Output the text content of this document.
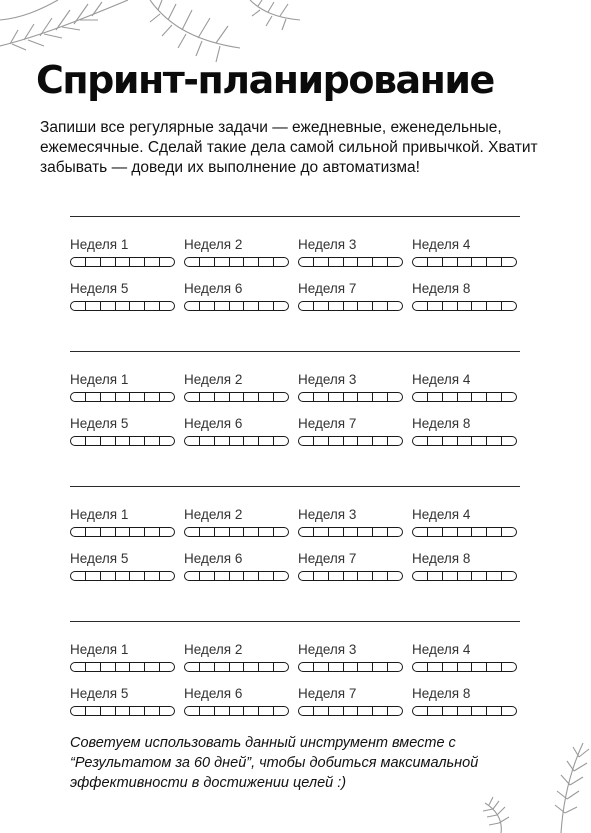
Спринт-планирование

Запиши все регулярные задачи — ежедневные, еженедельные, ежемесячные. Сделай такие дела самой сильной привычкой. Хватит забывать — доведи их выполнение до автоматизма!

Неделя 1	Неделя 2	Неделя 3	Неделя 4
Неделя 5	Неделя 6	Неделя 7	Неделя 8
Неделя 1	Неделя 2	Неделя 3	Неделя 4
Неделя 5	Неделя 6	Неделя 7	Неделя 8
Неделя 1	Неделя 2	Неделя 3	Неделя 4
Неделя 5	Неделя 6	Неделя 7	Неделя 8
Неделя 1	Неделя 2	Неделя 3	Неделя 4
Неделя 5	Неделя 6	Неделя 7	Неделя 8

Советуем использовать данный инструмент вместе с “Результатом за 60 дней”, чтобы добиться максимальной эффективности в достижении целей :)
